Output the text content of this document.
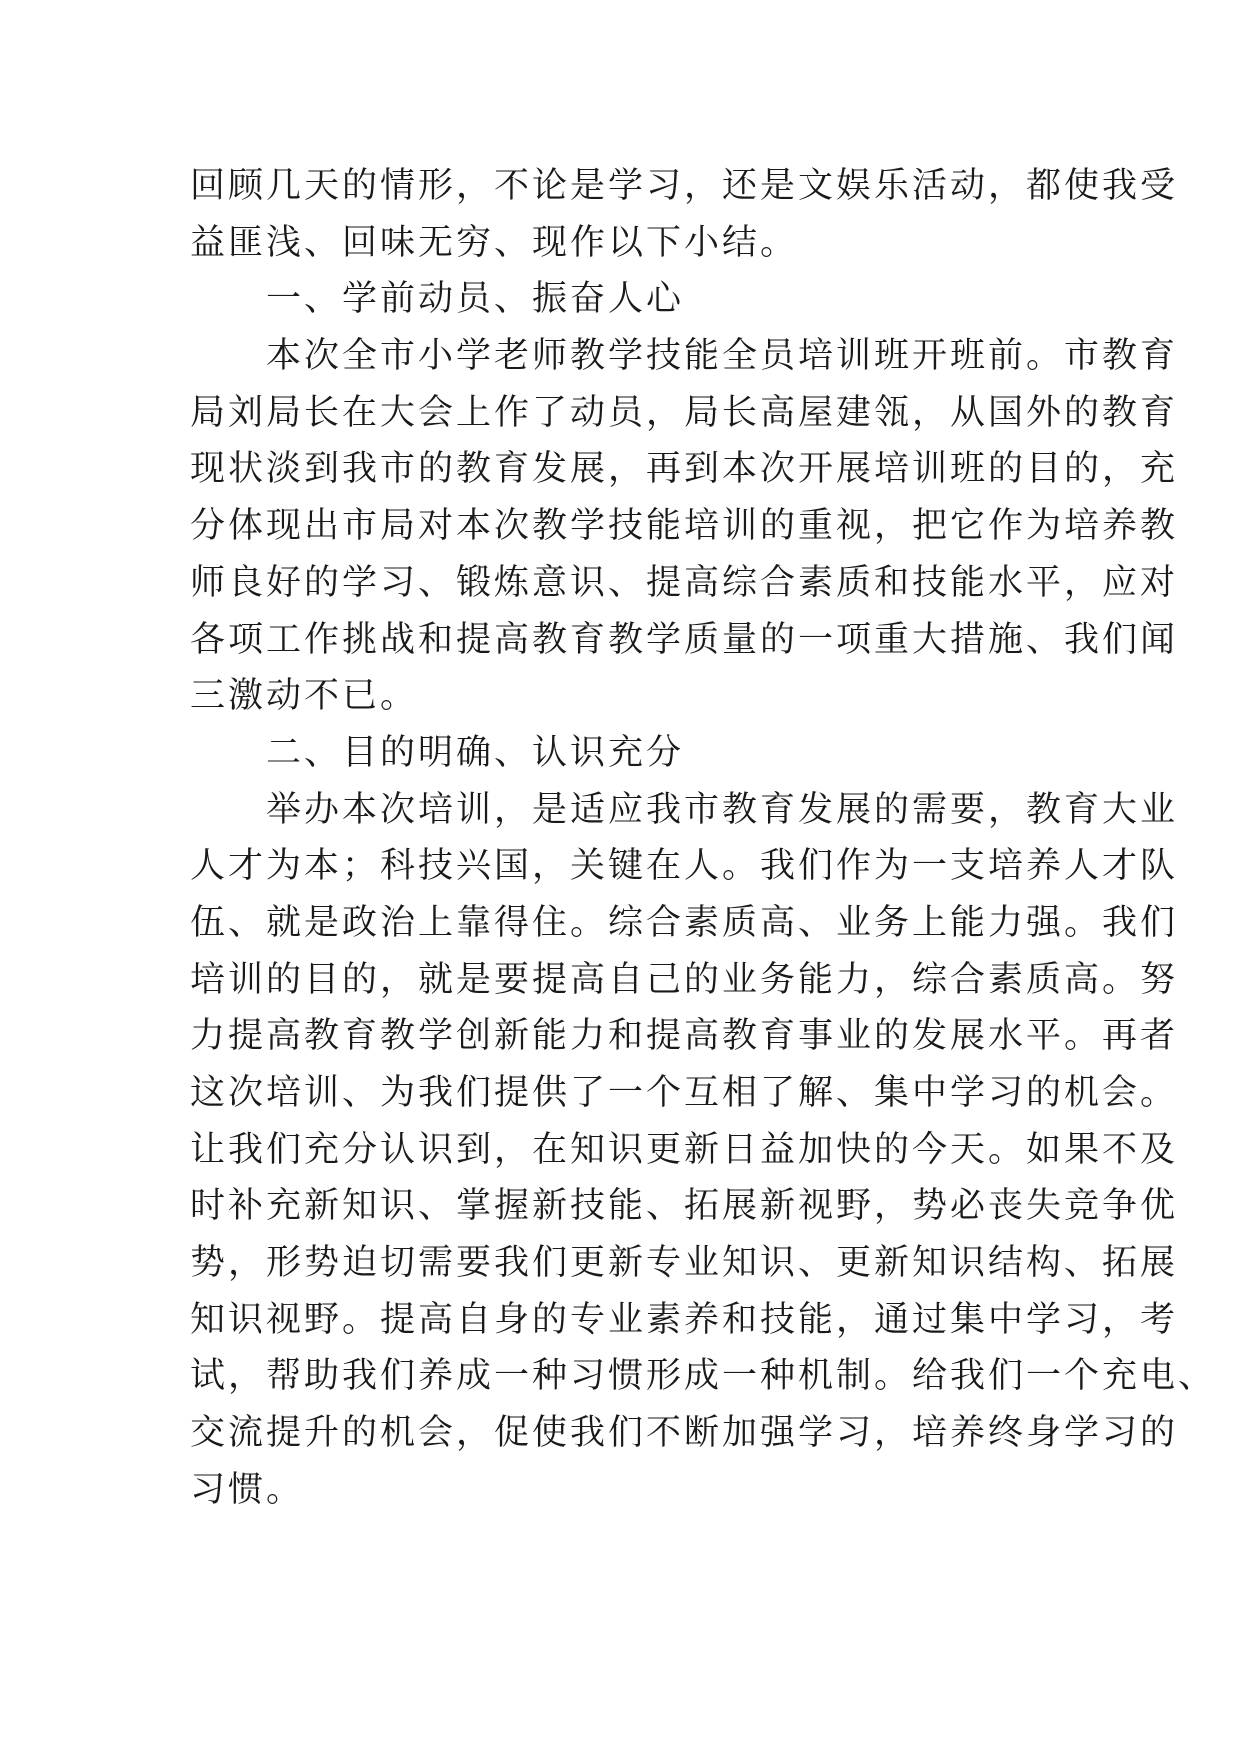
回顾几天的情形，不论是学习，还是文娱乐活动，都使我受
益匪浅、回味无穷、现作以下小结。
一、学前动员、振奋人心
本次全市小学老师教学技能全员培训班开班前。市教育
局刘局长在大会上作了动员，局长高屋建瓴，从国外的教育
现状淡到我市的教育发展，再到本次开展培训班的目的，充
分体现出市局对本次教学技能培训的重视，把它作为培养教
师良好的学习、锻炼意识、提高综合素质和技能水平，应对
各项工作挑战和提高教育教学质量的一项重大措施、我们闻
三激动不已。
二、目的明确、认识充分
举办本次培训，是适应我市教育发展的需要，教育大业
人才为本；科技兴国，关键在人。我们作为一支培养人才队
伍、就是政治上靠得住。综合素质高、业务上能力强。我们
培训的目的，就是要提高自己的业务能力，综合素质高。努
力提高教育教学创新能力和提高教育事业的发展水平。再者
这次培训、为我们提供了一个互相了解、集中学习的机会。
让我们充分认识到，在知识更新日益加快的今天。如果不及
时补充新知识、掌握新技能、拓展新视野，势必丧失竞争优
势，形势迫切需要我们更新专业知识、更新知识结构、拓展
知识视野。提高自身的专业素养和技能，通过集中学习，考
试，帮助我们养成一种习惯形成一种机制。给我们一个充电、
交流提升的机会，促使我们不断加强学习，培养终身学习的
习惯。
